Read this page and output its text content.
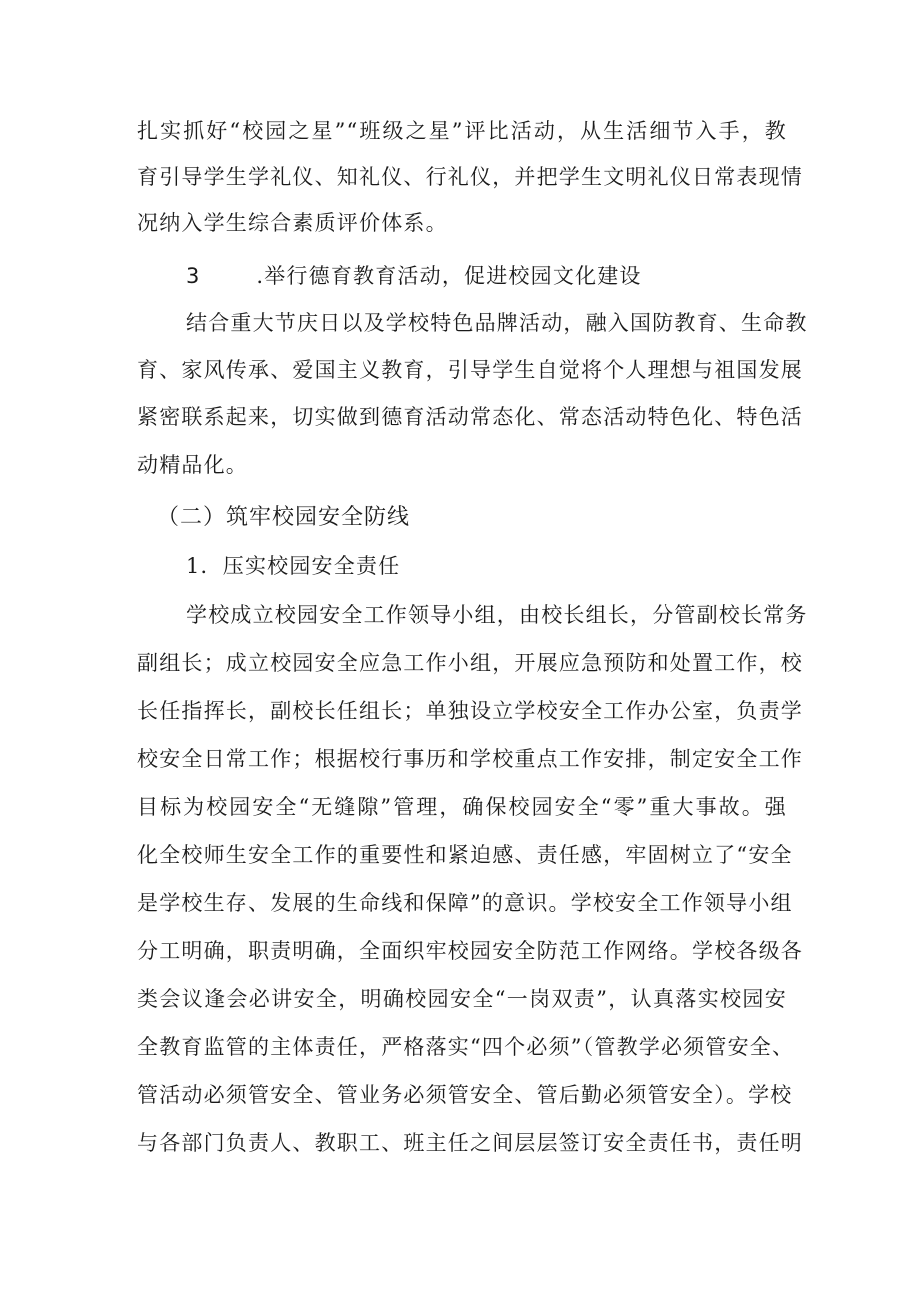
扎实抓好“校园之星”“班级之星”评比活动，从生活细节入手，教
育引导学生学礼仪、知礼仪、行礼仪，并把学生文明礼仪日常表现情
况纳入学生综合素质评价体系。
3	.举行德育教育活动，促进校园文化建设
结合重大节庆日以及学校特色品牌活动，融入国防教育、生命教
育、家风传承、爱国主义教育，引导学生自觉将个人理想与祖国发展
紧密联系起来，切实做到德育活动常态化、常态活动特色化、特色活
动精品化。
（二）筑牢校园安全防线
1．压实校园安全责任
学校成立校园安全工作领导小组，由校长组长，分管副校长常务
副组长；成立校园安全应急工作小组，开展应急预防和处置工作，校
长任指挥长，副校长任组长；单独设立学校安全工作办公室，负责学
校安全日常工作；根据校行事历和学校重点工作安排，制定安全工作
目标为校园安全“无缝隙”管理，确保校园安全“零”重大事故。强
化全校师生安全工作的重要性和紧迫感、责任感，牢固树立了“安全
是学校生存、发展的生命线和保障”的意识。学校安全工作领导小组
分工明确，职责明确，全面织牢校园安全防范工作网络。学校各级各
类会议逢会必讲安全，明确校园安全“一岗双责”，认真落实校园安
全教育监管的主体责任，严格落实“四个必须”（管教学必须管安全、
管活动必须管安全、管业务必须管安全、管后勤必须管安全）。学校
与各部门负责人、教职工、班主任之间层层签订安全责任书，责任明
